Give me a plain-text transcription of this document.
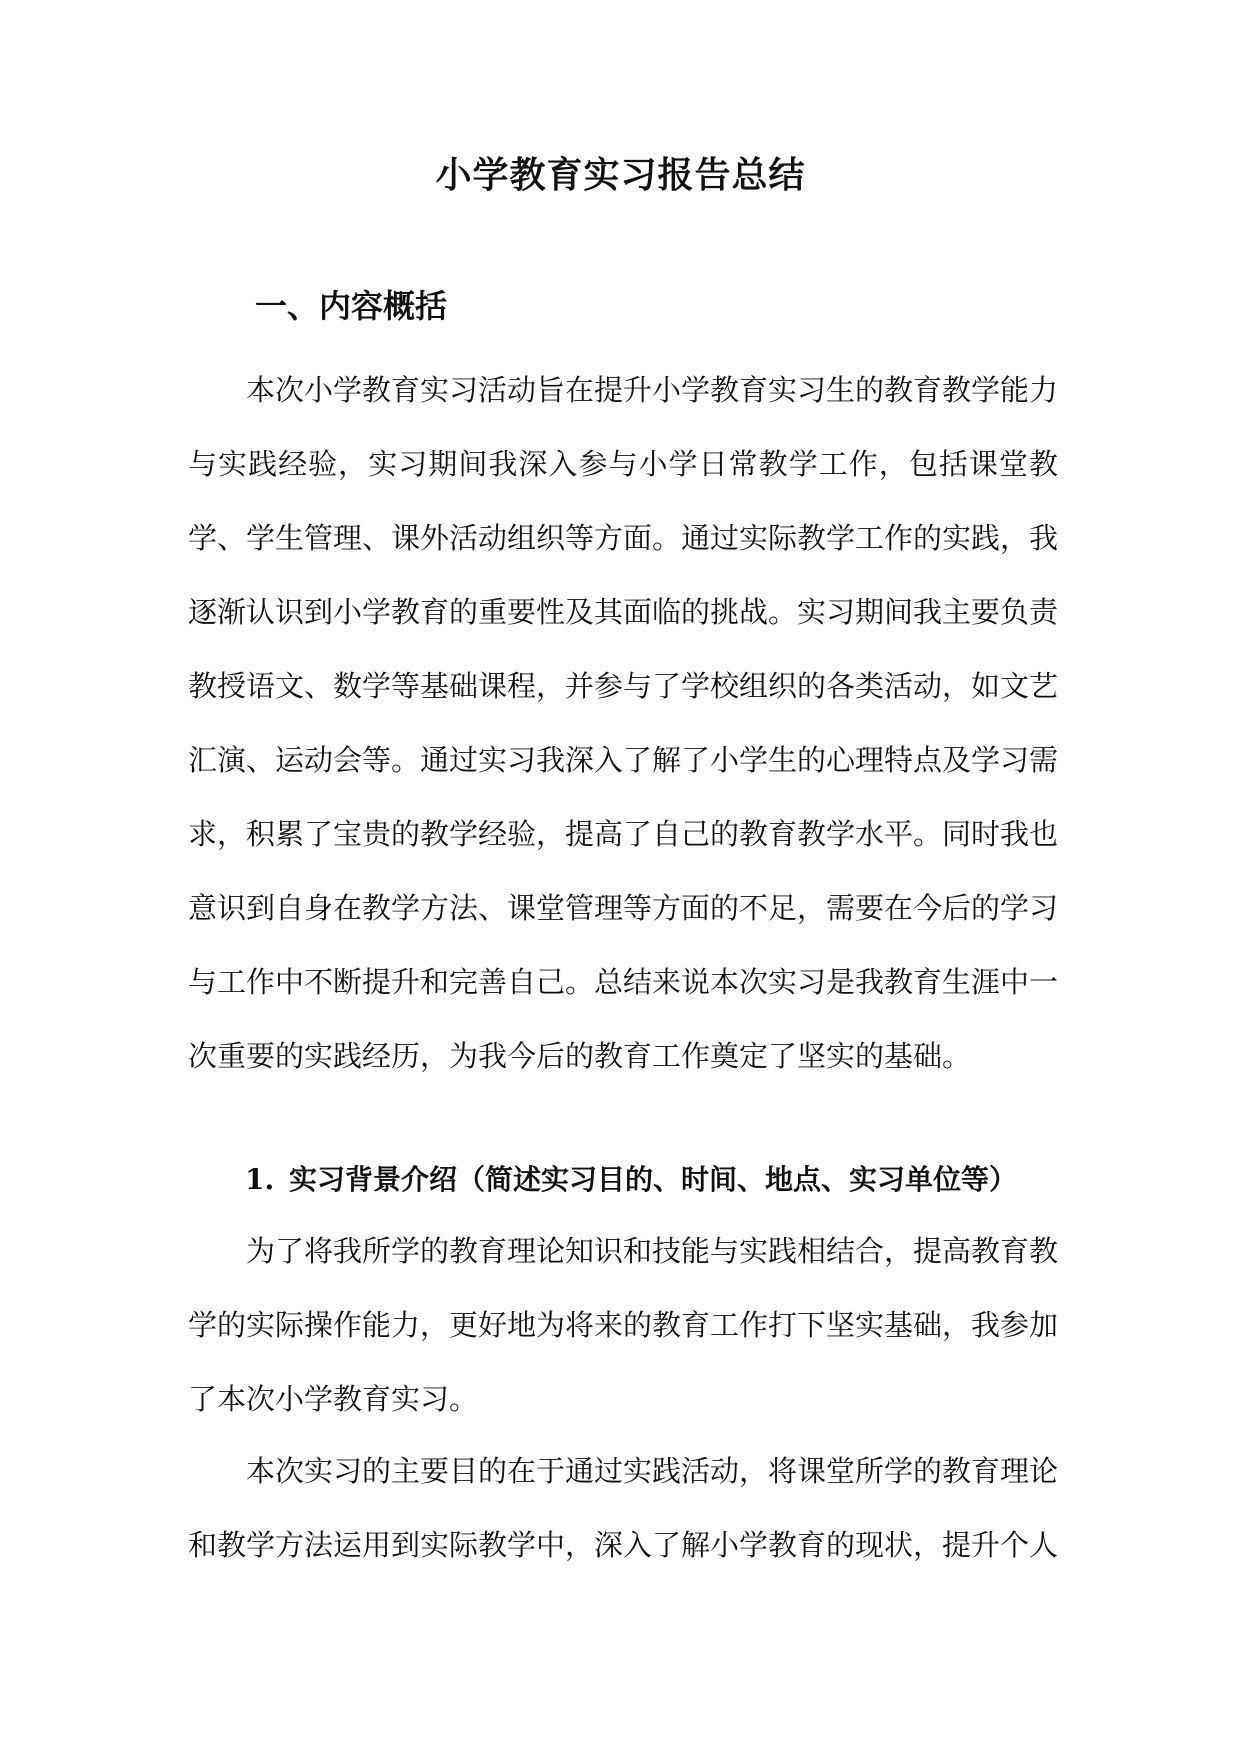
小学教育实习报告总结
一、内容概括

本次小学教育实习活动旨在提升小学教育实习生的教育教学能力与实践经验，实习期间我深入参与小学日常教学工作，包括课堂教学、学生管理、课外活动组织等方面。通过实际教学工作的实践，我逐渐认识到小学教育的重要性及其面临的挑战。实习期间我主要负责教授语文、数学等基础课程，并参与了学校组织的各类活动，如文艺汇演、运动会等。通过实习我深入了解了小学生的心理特点及学习需求，积累了宝贵的教学经验，提高了自己的教育教学水平。同时我也意识到自身在教学方法、课堂管理等方面的不足，需要在今后的学习与工作中不断提升和完善自己。总结来说本次实习是我教育生涯中一次重要的实践经历，为我今后的教育工作奠定了坚实的基础。

1. 实习背景介绍（简述实习目的、时间、地点、实习单位等）

为了将我所学的教育理论知识和技能与实践相结合，提高教育教学的实际操作能力，更好地为将来的教育工作打下坚实基础，我参加了本次小学教育实习。

本次实习的主要目的在于通过实践活动，将课堂所学的教育理论和教学方法运用到实际教学中，深入了解小学教育的现状，提升个人
